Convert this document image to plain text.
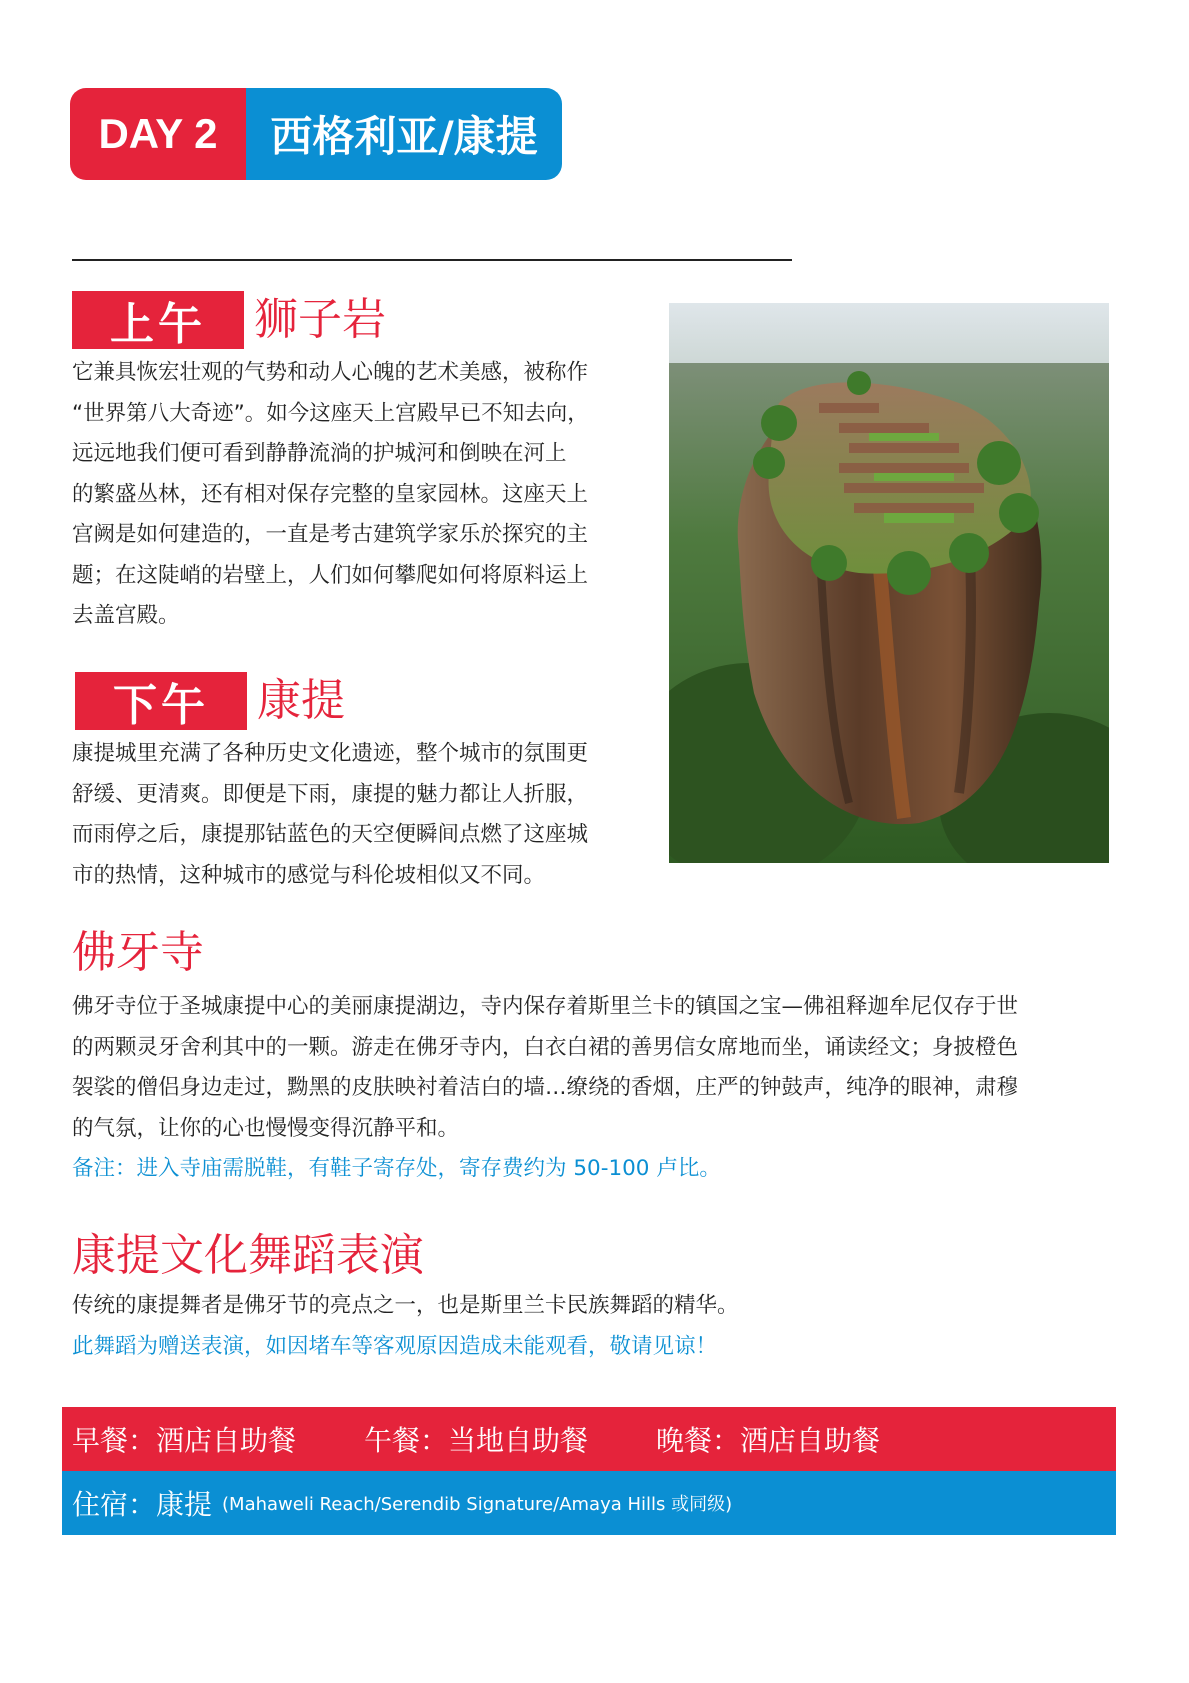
DAY 2	西格利亚/康提
上午	狮子岩
它兼具恢宏壮观的气势和动人心魄的艺术美感，被称作
“世界第八大奇迹”。如今这座天上宫殿早已不知去向，
远远地我们便可看到静静流淌的护城河和倒映在河上
的繁盛丛林，还有相对保存完整的皇家园林。这座天上
宫阙是如何建造的，一直是考古建筑学家乐於探究的主
题；在这陡峭的岩壁上，人们如何攀爬如何将原料运上
去盖宫殿。
下午	康提
康提城里充满了各种历史文化遗迹，整个城市的氛围更
舒缓、更清爽。即便是下雨，康提的魅力都让人折服，
而雨停之后，康提那钴蓝色的天空便瞬间点燃了这座城
市的热情，这种城市的感觉与科伦坡相似又不同。
佛牙寺
佛牙寺位于圣城康提中心的美丽康提湖边，寺内保存着斯里兰卡的镇国之宝—佛祖释迦牟尼仅存于世
的两颗灵牙舍利其中的一颗。游走在佛牙寺内，白衣白裙的善男信女席地而坐，诵读经文；身披橙色
袈裟的僧侣身边走过，黝黑的皮肤映衬着洁白的墙…缭绕的香烟，庄严的钟鼓声，纯净的眼神，肃穆
的气氛，让你的心也慢慢变得沉静平和。
备注：进入寺庙需脱鞋，有鞋子寄存处，寄存费约为 50-100 卢比。
康提文化舞蹈表演
传统的康提舞者是佛牙节的亮点之一，也是斯里兰卡民族舞蹈的精华。
此舞蹈为赠送表演，如因堵车等客观原因造成未能观看，敬请见谅！
早餐：酒店自助餐	午餐：当地自助餐	晚餐：酒店自助餐
住宿：康提 (Mahaweli Reach/Serendib Signature/Amaya Hills 或同级)
